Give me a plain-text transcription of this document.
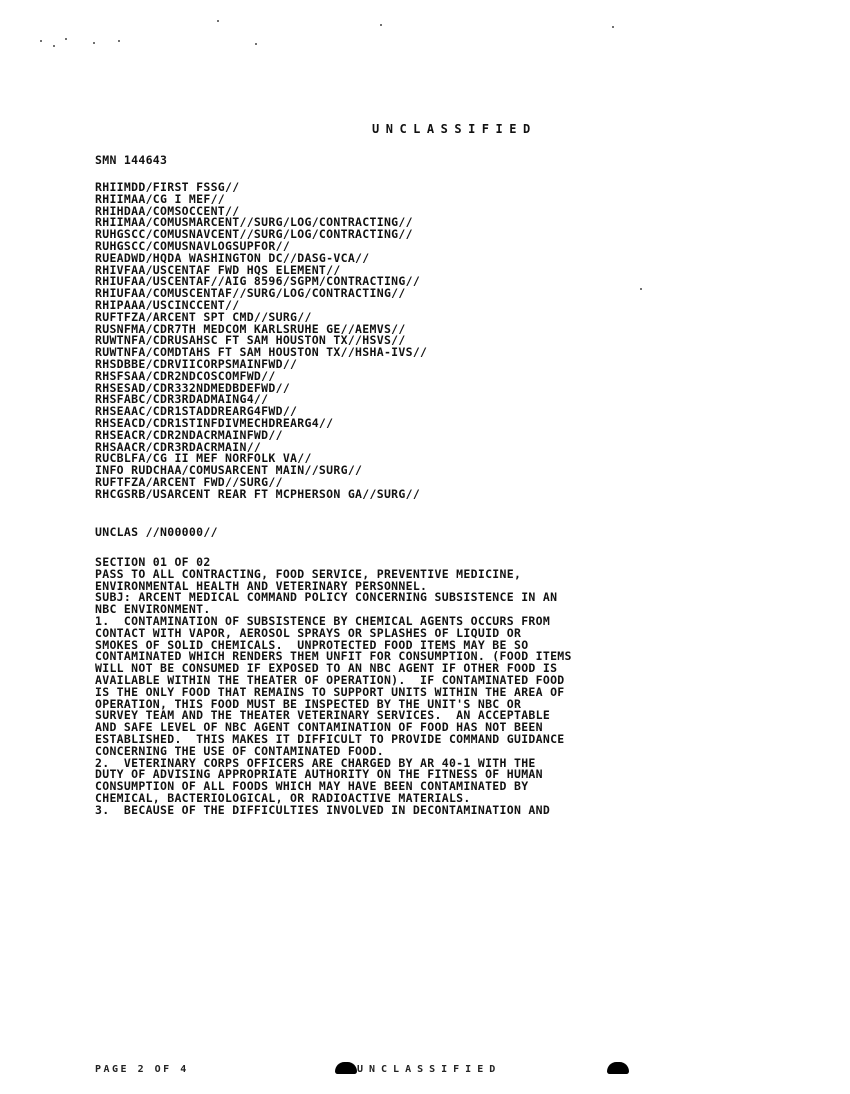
UNCLASSIFIED
SMN 144643
RHIIMDD/FIRST FSSG//
RHIIMAA/CG I MEF//
RHIHDAA/COMSOCCENT//
RHIIMAA/COMUSMARCENT//SURG/LOG/CONTRACTING//
RUHGSCC/COMUSNAVCENT//SURG/LOG/CONTRACTING//
RUHGSCC/COMUSNAVLOGSUPFOR//
RUEADWD/HQDA WASHINGTON DC//DASG-VCA//
RHIVFAA/USCENTAF FWD HQS ELEMENT//
RHIUFAA/USCENTAF//AIG 8596/SGPM/CONTRACTING//
RHIUFAA/COMUSCENTAF//SURG/LOG/CONTRACTING//
RHIPAAA/USCINCCENT//
RUFTFZA/ARCENT SPT CMD//SURG//
RUSNFMA/CDR7TH MEDCOM KARLSRUHE GE//AEMVS//
RUWTNFA/CDRUSAHSC FT SAM HOUSTON TX//HSVS//
RUWTNFA/COMDTAHS FT SAM HOUSTON TX//HSHA-IVS//
RHSDBBE/CDRVIICORPSMAINFWD//
RHSFSAA/CDR2NDCOSCOMFWD//
RHSESAD/CDR332NDMEDBDEFWD//
RHSFABC/CDR3RDADMAING4//
RHSEAAC/CDR1STADDREARG4FWD//
RHSEACD/CDR1STINFDIVMECHDREARG4//
RHSEACR/CDR2NDACRMAINFWD//
RHSAACR/CDR3RDACRMAIN//
RUCBLFA/CG II MEF NORFOLK VA//
INFO RUDCHAA/COMUSARCENT MAIN//SURG//
RUFTFZA/ARCENT FWD//SURG//
RHCGSRB/USARCENT REAR FT MCPHERSON GA//SURG//
UNCLAS //N00000//
SECTION 01 OF 02
PASS TO ALL CONTRACTING, FOOD SERVICE, PREVENTIVE MEDICINE,
ENVIRONMENTAL HEALTH AND VETERINARY PERSONNEL.
SUBJ: ARCENT MEDICAL COMMAND POLICY CONCERNING SUBSISTENCE IN AN
NBC ENVIRONMENT.
1.  CONTAMINATION OF SUBSISTENCE BY CHEMICAL AGENTS OCCURS FROM
CONTACT WITH VAPOR, AEROSOL SPRAYS OR SPLASHES OF LIQUID OR
SMOKES OF SOLID CHEMICALS.  UNPROTECTED FOOD ITEMS MAY BE SO
CONTAMINATED WHICH RENDERS THEM UNFIT FOR CONSUMPTION. (FOOD ITEMS
WILL NOT BE CONSUMED IF EXPOSED TO AN NBC AGENT IF OTHER FOOD IS
AVAILABLE WITHIN THE THEATER OF OPERATION).  IF CONTAMINATED FOOD
IS THE ONLY FOOD THAT REMAINS TO SUPPORT UNITS WITHIN THE AREA OF
OPERATION, THIS FOOD MUST BE INSPECTED BY THE UNIT'S NBC OR
SURVEY TEAM AND THE THEATER VETERINARY SERVICES.  AN ACCEPTABLE
AND SAFE LEVEL OF NBC AGENT CONTAMINATION OF FOOD HAS NOT BEEN
ESTABLISHED.  THIS MAKES IT DIFFICULT TO PROVIDE COMMAND GUIDANCE
CONCERNING THE USE OF CONTAMINATED FOOD.
2.  VETERINARY CORPS OFFICERS ARE CHARGED BY AR 40-1 WITH THE
DUTY OF ADVISING APPROPRIATE AUTHORITY ON THE FITNESS OF HUMAN
CONSUMPTION OF ALL FOODS WHICH MAY HAVE BEEN CONTAMINATED BY
CHEMICAL, BACTERIOLOGICAL, OR RADIOACTIVE MATERIALS.
3.  BECAUSE OF THE DIFFICULTIES INVOLVED IN DECONTAMINATION AND
PAGE 2 OF 4	UNCLASSIFIED
